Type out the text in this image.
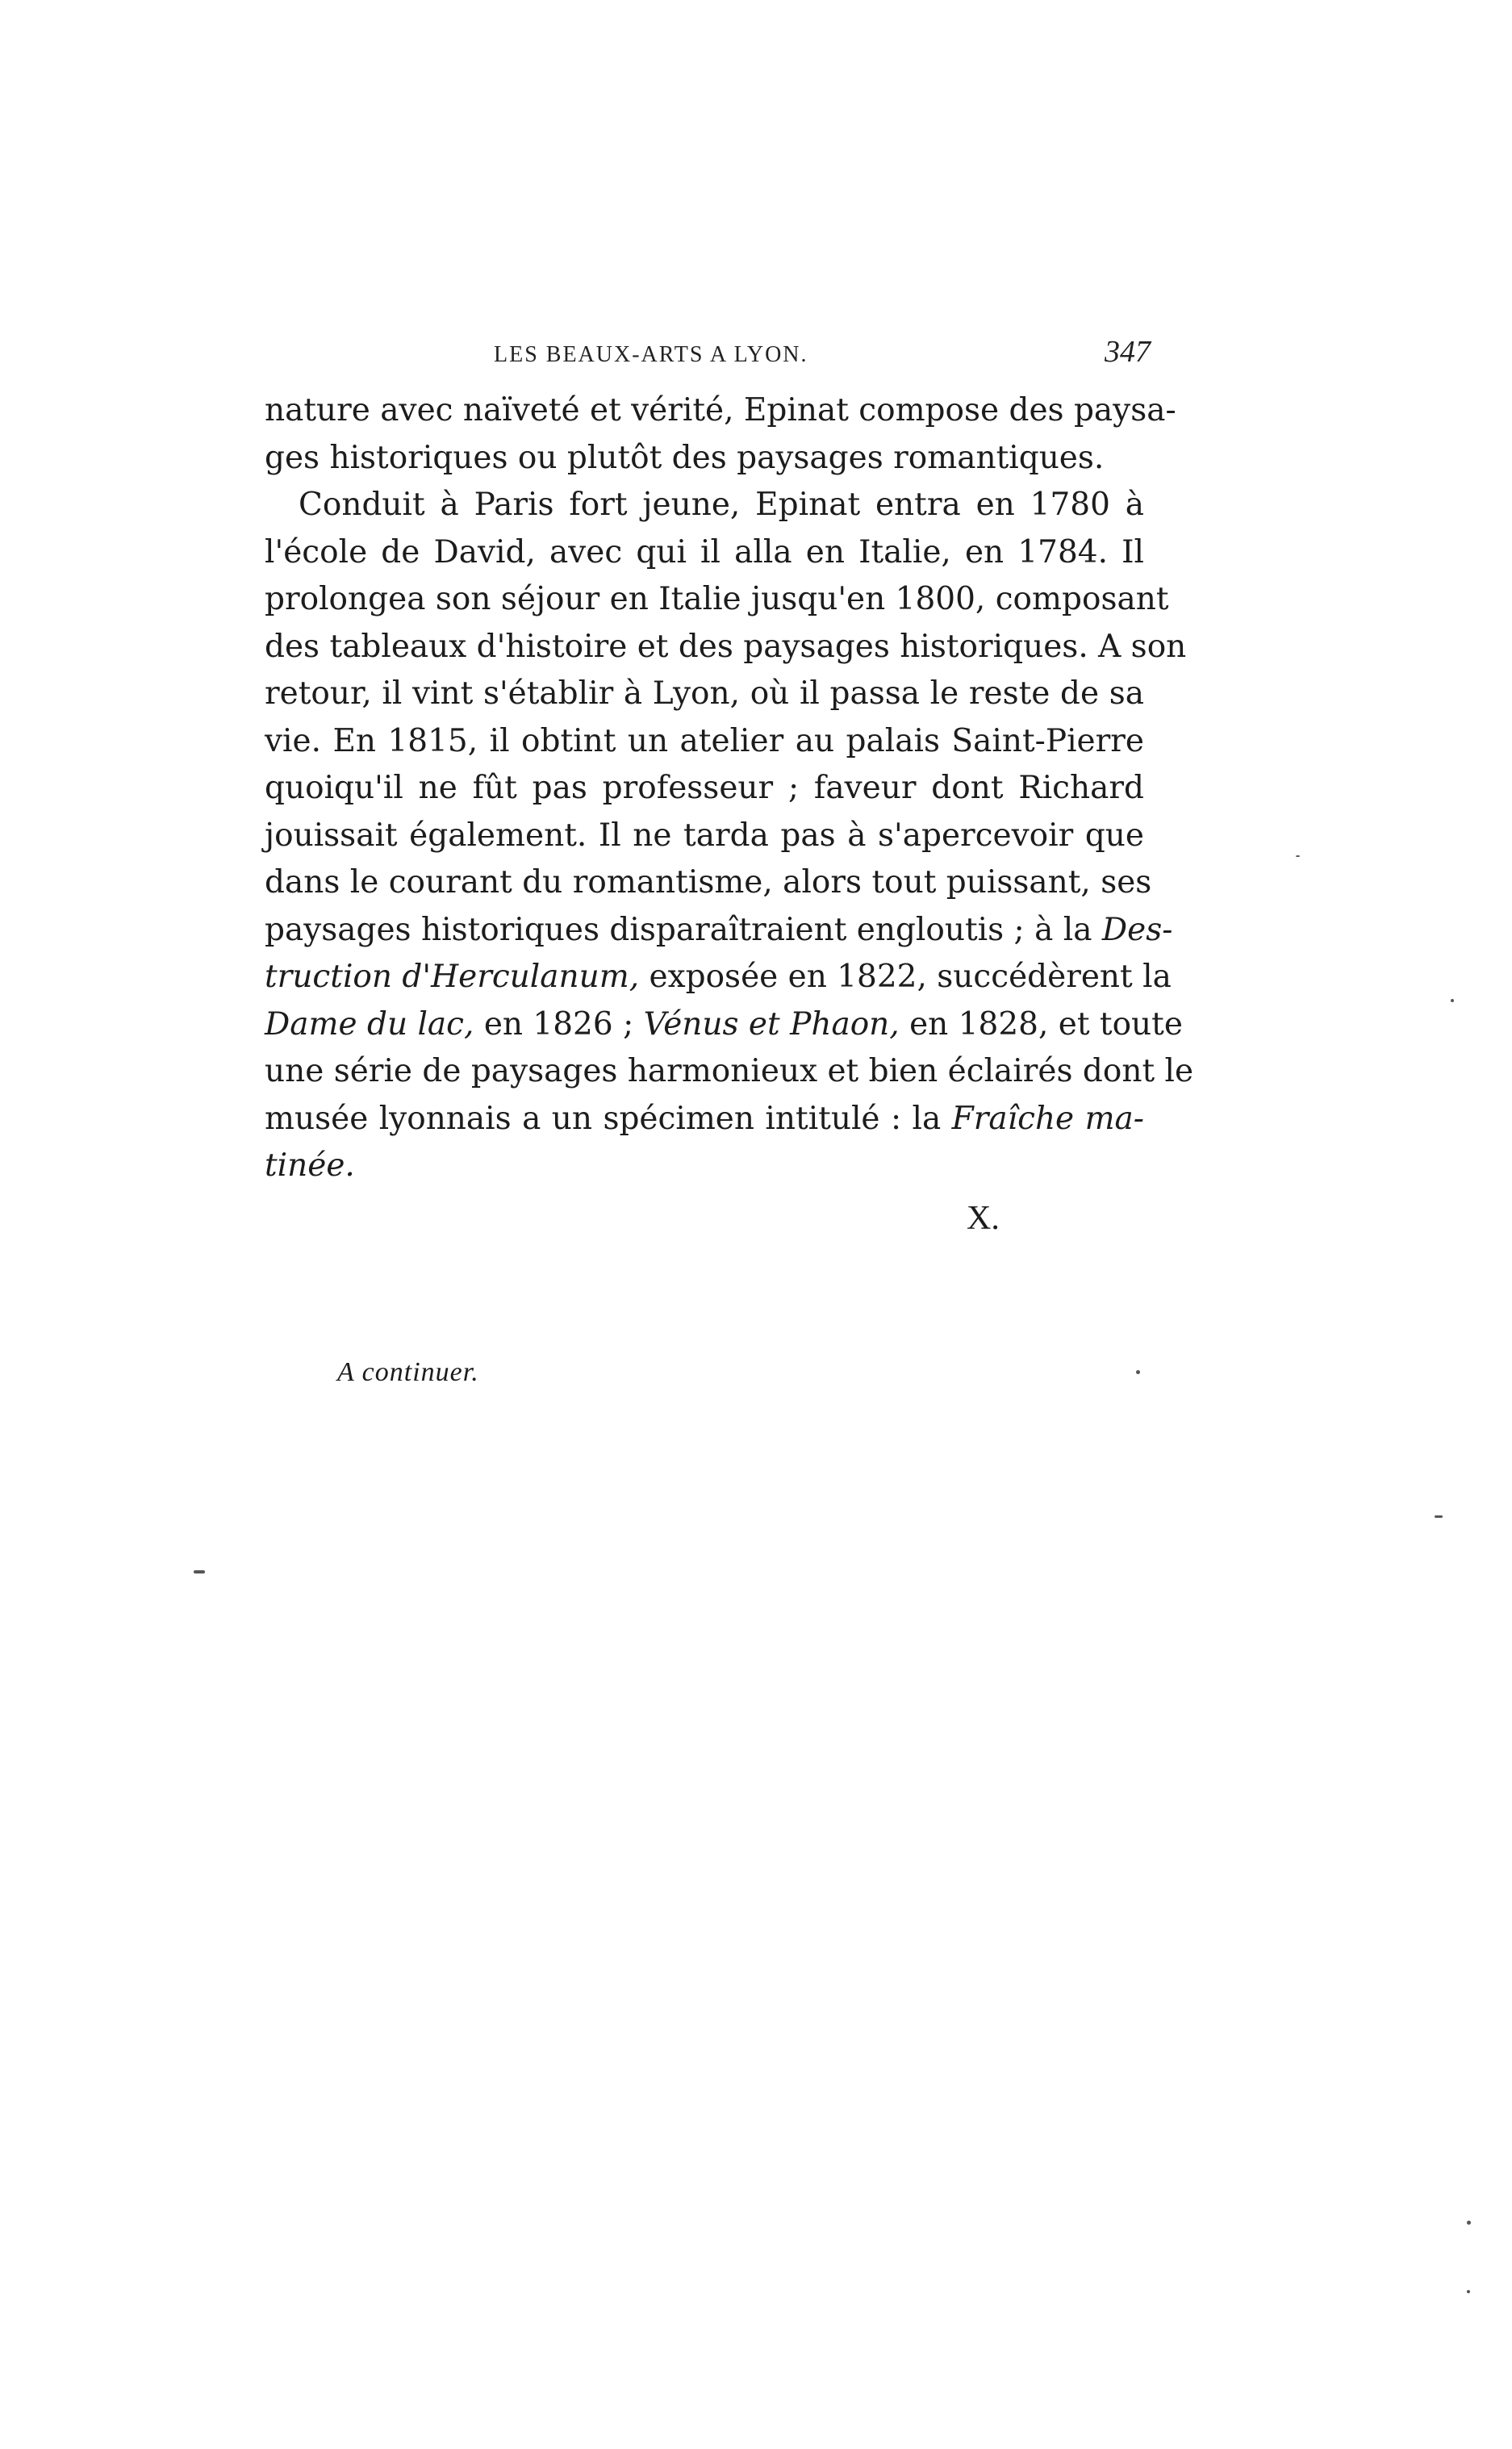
LES BEAUX-ARTS A LYON.	347
nature avec naïveté et vérité, Epinat compose des paysa-
ges historiques ou plutôt des paysages romantiques.
Conduit à Paris fort jeune, Epinat entra en 1780 à
l'école de David, avec qui il alla en Italie, en 1784. Il
prolongea son séjour en Italie jusqu'en 1800, composant
des tableaux d'histoire et des paysages historiques. A son
retour, il vint s'établir à Lyon, où il passa le reste de sa
vie. En 1815, il obtint un atelier au palais Saint-Pierre
quoiqu'il ne fût pas professeur ; faveur dont Richard
jouissait également. Il ne tarda pas à s'apercevoir que
dans le courant du romantisme, alors tout puissant, ses
paysages historiques disparaîtraient engloutis ; à la Des-
truction d'Herculanum, exposée en 1822, succédèrent la
Dame du lac, en 1826 ; Vénus et Phaon, en 1828, et toute
une série de paysages harmonieux et bien éclairés dont le
musée lyonnais a un spécimen intitulé : la Fraîche ma-
tinée.
X.
A continuer.
